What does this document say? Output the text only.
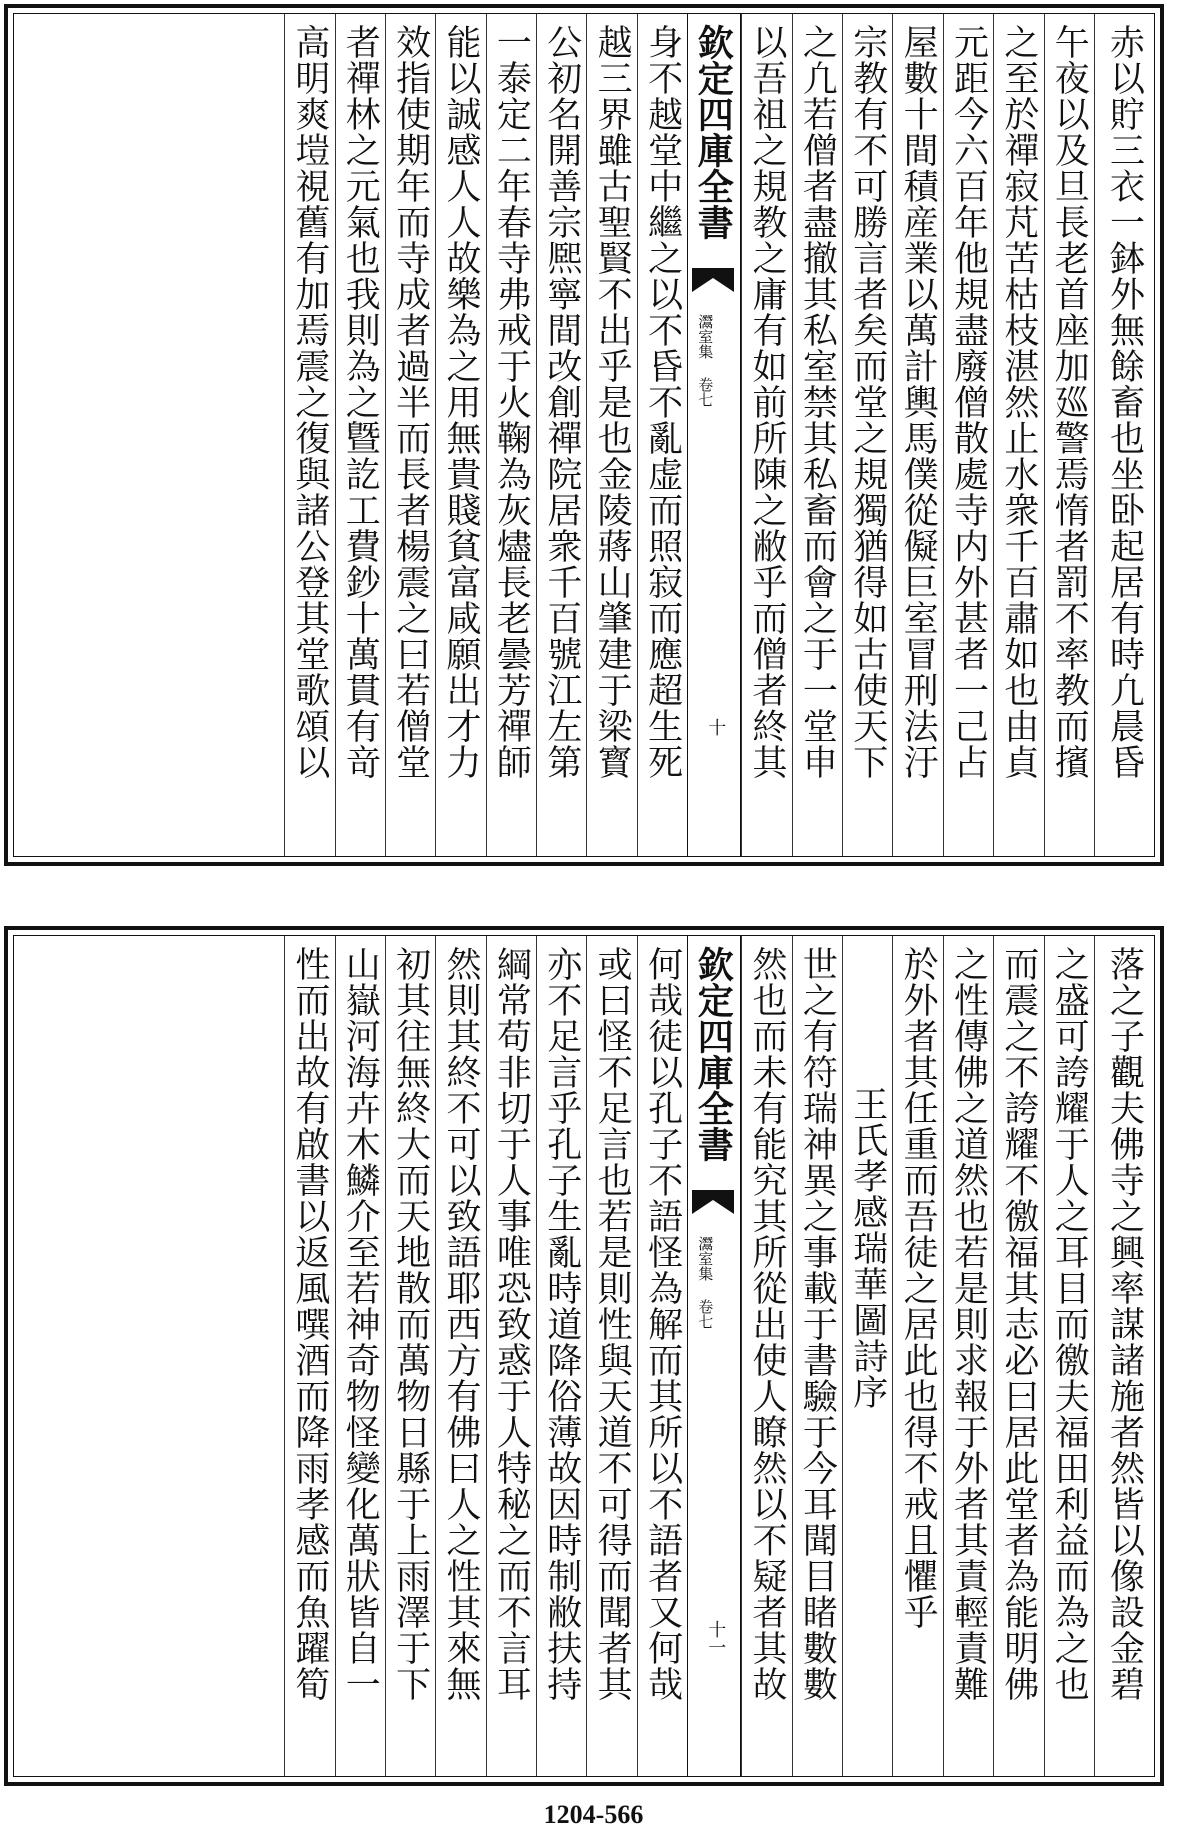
赤以貯三衣一鉢外無餘畜也坐卧起居有時凢晨昏
午夜以及旦長老首座加廵警焉惰者罰不率教而擯
之至於禪寂芃苦枯枝湛然止水衆千百肅如也由貞
元距今六百年他規盡廢僧散處寺内外甚者一己占
屋數十間積産業以萬計輿馬僕從儗巨室冒刑法汙
宗教有不可勝言者矣而堂之規獨猶得如古使天下
之凢若僧者盡撤其私室禁其私畜而會之于一堂申
以吾祖之規教之庸有如前所陳之敝乎而僧者終其
欽定四庫全書
灊室集 卷七
十
身不越堂中繼之以不昏不亂虚而照寂而應超生死
越三界雖古聖賢不出乎是也金陵蔣山肇建于梁寳
公初名開善宗熈寧間改創禪院居衆千百號江左第
一泰定二年春寺弗戒于火鞠為灰燼長老曇芳禪師
能以誠感人人故樂為之用無貴賤貧富咸願出才力
效指使期年而寺成者過半而長者楊震之曰若僧堂
者禪林之元氣也我則為之曁訖工費鈔十萬貫有竒
高明爽塏視舊有加焉震之復與諸公登其堂歌頌以
落之子觀夫佛寺之興率謀諸施者然皆以像設金碧
之盛可誇耀于人之耳目而徼夫福田利益而為之也
而震之不誇耀不徼福其志必曰居此堂者為能明佛
之性傳佛之道然也若是則求報于外者其責輕責難
於外者其任重而吾徒之居此也得不戒且懼乎
王氏孝感瑞華圖詩序
世之有符瑞神異之事載于書驗于今耳聞目睹數數
然也而未有能究其所從出使人瞭然以不疑者其故
欽定四庫全書
灊室集 卷七
十一
何哉徒以孔子不語怪為解而其所以不語者又何哉
或曰怪不足言也若是則性與天道不可得而聞者其
亦不足言乎孔子生亂時道降俗薄故因時制敝扶持
綱常苟非切于人事唯恐致惑于人特秘之而不言耳
然則其終不可以致語耶西方有佛曰人之性其來無
初其往無終大而天地散而萬物日縣于上雨澤于下
山嶽河海卉木鱗介至若神奇物怪變化萬狀皆自一
性而出故有啟書以返風噀酒而降雨孝感而魚躍筍
1204-566
